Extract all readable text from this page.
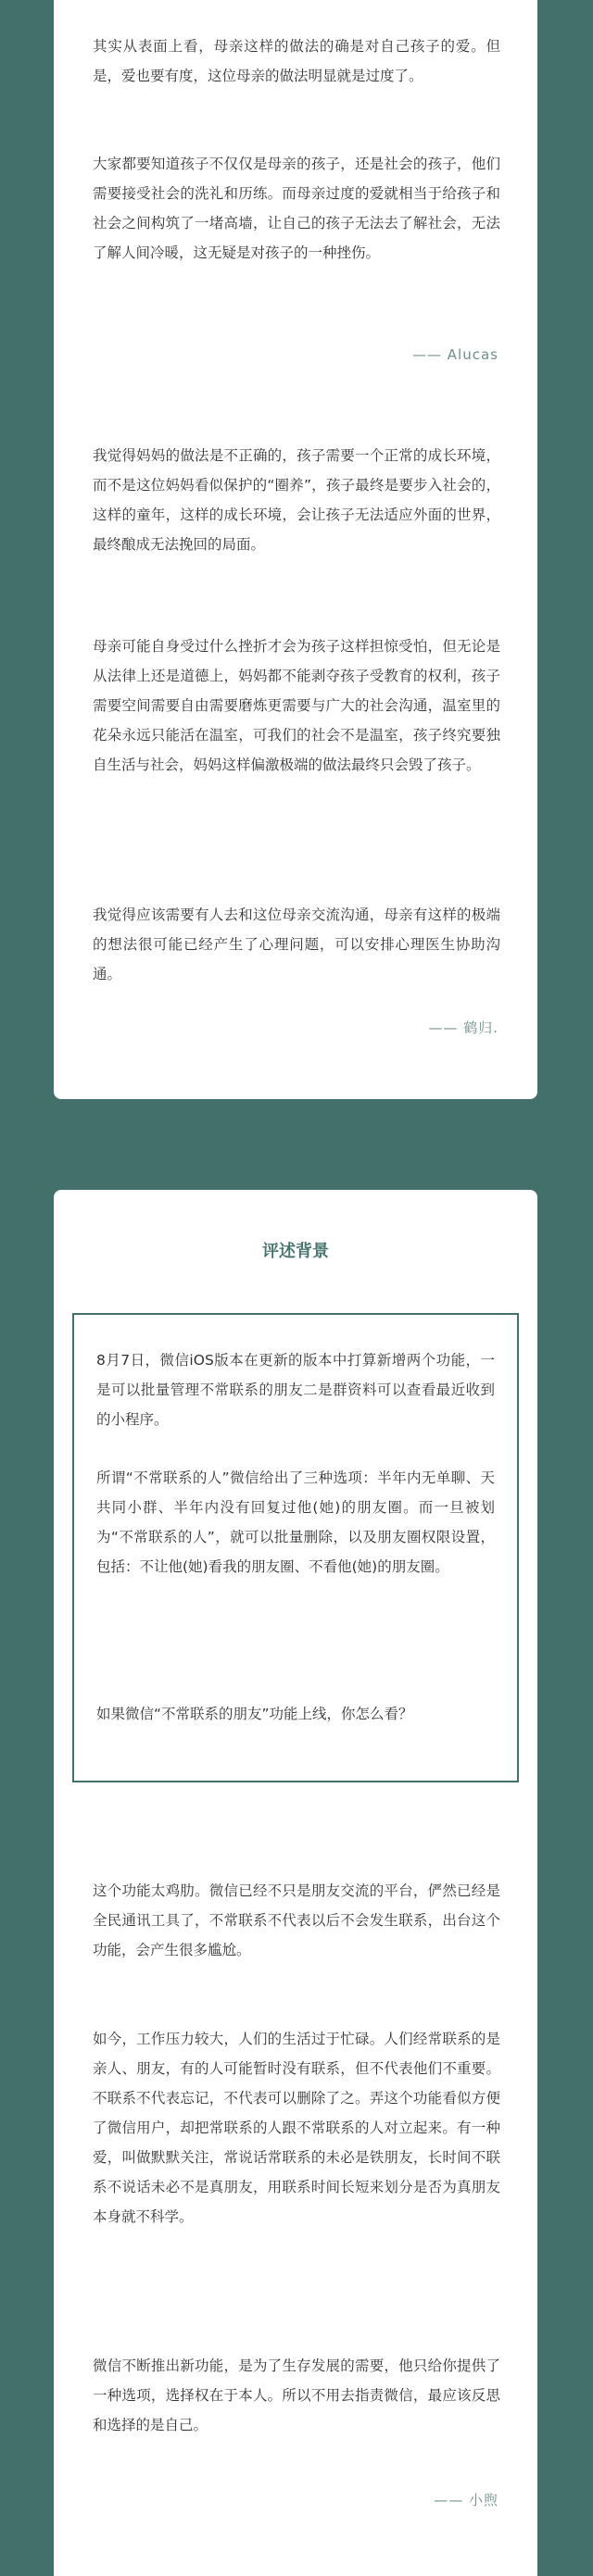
其实从表面上看，母亲这样的做法的确是对自己孩子的爱。但是，爱也要有度，这位母亲的做法明显就是过度了。

大家都要知道孩子不仅仅是母亲的孩子，还是社会的孩子，他们需要接受社会的洗礼和历练。而母亲过度的爱就相当于给孩子和社会之间构筑了一堵高墙，让自己的孩子无法去了解社会，无法了解人间冷暖，这无疑是对孩子的一种挫伤。

—— Alucas

我觉得妈妈的做法是不正确的，孩子需要一个正常的成长环境，而不是这位妈妈看似保护的“圈养”，孩子最终是要步入社会的，这样的童年，这样的成长环境，会让孩子无法适应外面的世界，最终酿成无法挽回的局面。

母亲可能自身受过什么挫折才会为孩子这样担惊受怕，但无论是从法律上还是道德上，妈妈都不能剥夺孩子受教育的权利，孩子需要空间需要自由需要磨炼更需要与广大的社会沟通，温室里的花朵永远只能活在温室，可我们的社会不是温室，孩子终究要独自生活与社会，妈妈这样偏激极端的做法最终只会毁了孩子。

我觉得应该需要有人去和这位母亲交流沟通，母亲有这样的极端的想法很可能已经产生了心理问题，可以安排心理医生协助沟通。

—— 鹤归.

评述背景

8月7日，微信iOS版本在更新的版本中打算新增两个功能，一是可以批量管理不常联系的朋友二是群资料可以查看最近收到的小程序。

所谓“不常联系的人”微信给出了三种选项：半年内无单聊、天共同小群、半年内没有回复过他(她)的朋友圈。而一旦被划为“不常联系的人”，就可以批量删除，以及朋友圈权限设置，包括：不让他(她)看我的朋友圈、不看他(她)的朋友圈。

如果微信“不常联系的朋友”功能上线，你怎么看？

这个功能太鸡肋。微信已经不只是朋友交流的平台，俨然已经是全民通讯工具了，不常联系不代表以后不会发生联系，出台这个功能，会产生很多尴尬。

如今，工作压力较大，人们的生活过于忙碌。人们经常联系的是亲人、朋友，有的人可能暂时没有联系，但不代表他们不重要。不联系不代表忘记，不代表可以删除了之。弄这个功能看似方便了微信用户，却把常联系的人跟不常联系的人对立起来。有一种爱，叫做默默关注，常说话常联系的未必是铁朋友，长时间不联系不说话未必不是真朋友，用联系时间长短来划分是否为真朋友本身就不科学。

微信不断推出新功能，是为了生存发展的需要，他只给你提供了一种选项，选择权在于本人。所以不用去指责微信，最应该反思和选择的是自己。

—— 小煦
